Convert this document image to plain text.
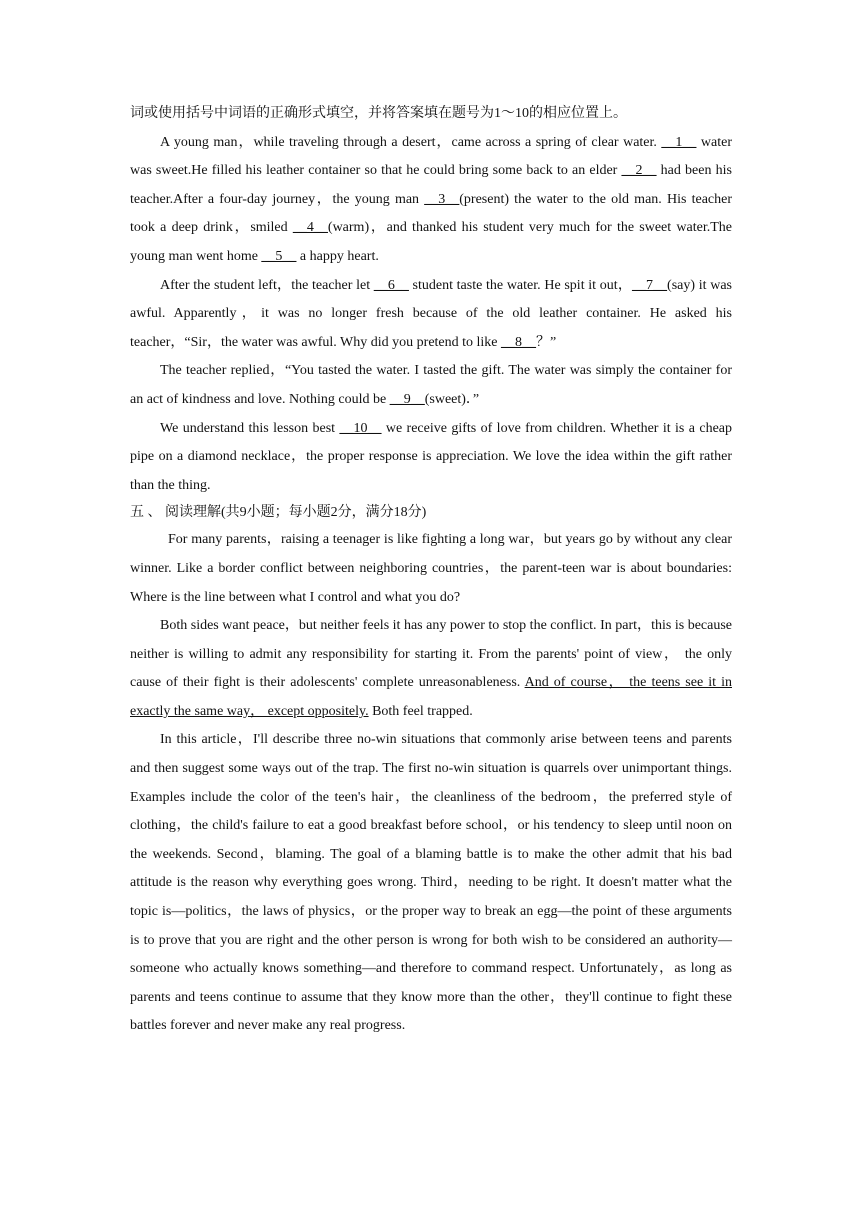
词或使用括号中词语的正确形式填空，并将答案填在题号为1～10的相应位置上。

A young man，while traveling through a desert，came across a spring of clear water. __1__ water was sweet.He filled his leather container so that he could bring some back to an elder __2__ had been his teacher.After a four-day journey，the young man __3__(present) the water to the old man. His teacher took a deep drink，smiled __4__(warm)，and thanked his student very much for the sweet water.The young man went home __5__ a happy heart.

After the student left，the teacher let __6__ student taste the water. He spit it out，__7__(say) it was awful. Apparently，it was no longer fresh because of the old leather container. He asked his teacher，“Sir，the water was awful. Why did you pretend to like __8__？”

The teacher replied，“You tasted the water. I tasted the gift. The water was simply the container for an act of kindness and love. Nothing could be __9__(sweet)．”

We understand this lesson best __10__ we receive gifts of love from children. Whether it is a cheap pipe on a diamond necklace，the proper response is appreciation. We love the idea within the gift rather than the thing.

五 、 阅读理解(共9小题；每小题2分，满分18分)

For many parents，raising a teenager is like fighting a long war，but years go by without any clear winner. Like a border conflict between neighboring countries，the parent-teen war is about boundaries: Where is the line between what I control and what you do?

Both sides want peace，but neither feels it has any power to stop the conflict. In part，this is because neither is willing to admit any responsibility for starting it. From the parents' point of view， the only cause of their fight is their adolescents' complete unreasonableness. And of course， the teens see it in exactly the same way， except oppositely. Both feel trapped.

In this article，I'll describe three no-win situations that commonly arise between teens and parents and then suggest some ways out of the trap. The first no-win situation is quarrels over unimportant things. Examples include the color of the teen's hair，the cleanliness of the bedroom，the preferred style of clothing，the child's failure to eat a good breakfast before school，or his tendency to sleep until noon on the weekends. Second，blaming. The goal of a blaming battle is to make the other admit that his bad attitude is the reason why everything goes wrong. Third，needing to be right. It doesn't matter what the topic is—politics，the laws of physics，or the proper way to break an egg—the point of these arguments is to prove that you are right and the other person is wrong for both wish to be considered an authority—someone who actually knows something—and therefore to command respect. Unfortunately，as long as parents and teens continue to assume that they know more than the other，they'll continue to fight these battles forever and never make any real progress.
